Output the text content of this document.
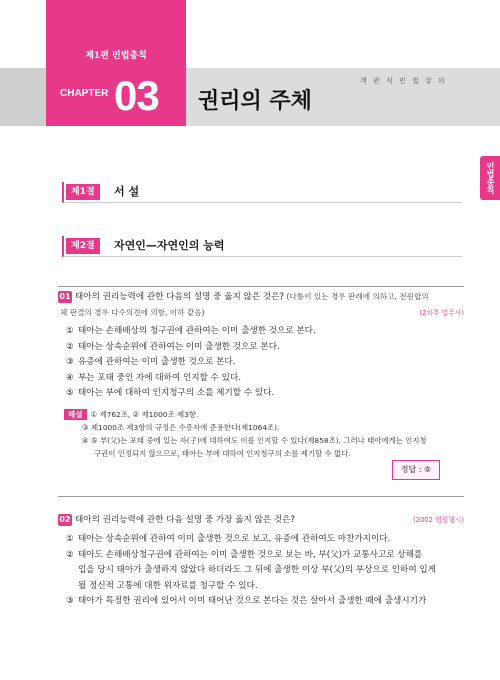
제1편 민법총칙
CHAPTER 03 권리의 주체
객 관 식 민 법 강 의
민법총칙
제1절	서 설
제2절	자연인—자연인의 능력
01 태아의 권리능력에 관한 다음의 설명 중 옳지 않은 것은? (다툼이 있는 경우 판례에 의하고, 전원합의
체 판결의 경우 다수의견에 의함, 이하 같음)	(2차추 법무사)
① 태아는 손해배상의 청구권에 관하여는 이미 출생한 것으로 본다.
② 태아는 상속순위에 관하여는 이미 출생한 것으로 본다.
③ 유증에 관하여는 이미 출생한 것으로 본다.
④ 부는 포태 중인 자에 대하여 인지할 수 있다.
⑤ 태아는 부에 대하여 인지청구의 소를 제기할 수 있다.
해설 ① 제762조, ② 제1000조 제3항.
③ 제1000조 제3항의 규정은 수증자에 준용한다(제1064조).
④ ⑤ 부(父)는 포태 중에 있는 자(子)에 대하여도 이를 인지할 수 있다(제858조). 그러나 태아에게는 인지청
구권이 인정되지 않으므로, 태아는 부에 대하여 인지청구의 소를 제기할 수 없다.
정답 : ⑤
02 태아의 권리능력에 관한 다음 설명 중 가장 옳지 않은 것은?	(2002 법원행시)
① 태아는 상속순위에 관하여 이미 출생한 것으로 보고, 유증에 관하여도 마찬가지이다.
② 태아도 손해배상청구권에 관하여는 이미 출생한 것으로 보는 바, 부(父)가 교통사고로 상해를
입을 당시 태아가 출생하지 않았다 하더라도 그 뒤에 출생한 이상 부(父)의 부상으로 인하여 입게
될 정신적 고통에 대한 위자료를 청구할 수 있다.
③ 태아가 특정한 권리에 있어서 이미 태어난 것으로 본다는 것은 살아서 출생한 때에 출생시기가
